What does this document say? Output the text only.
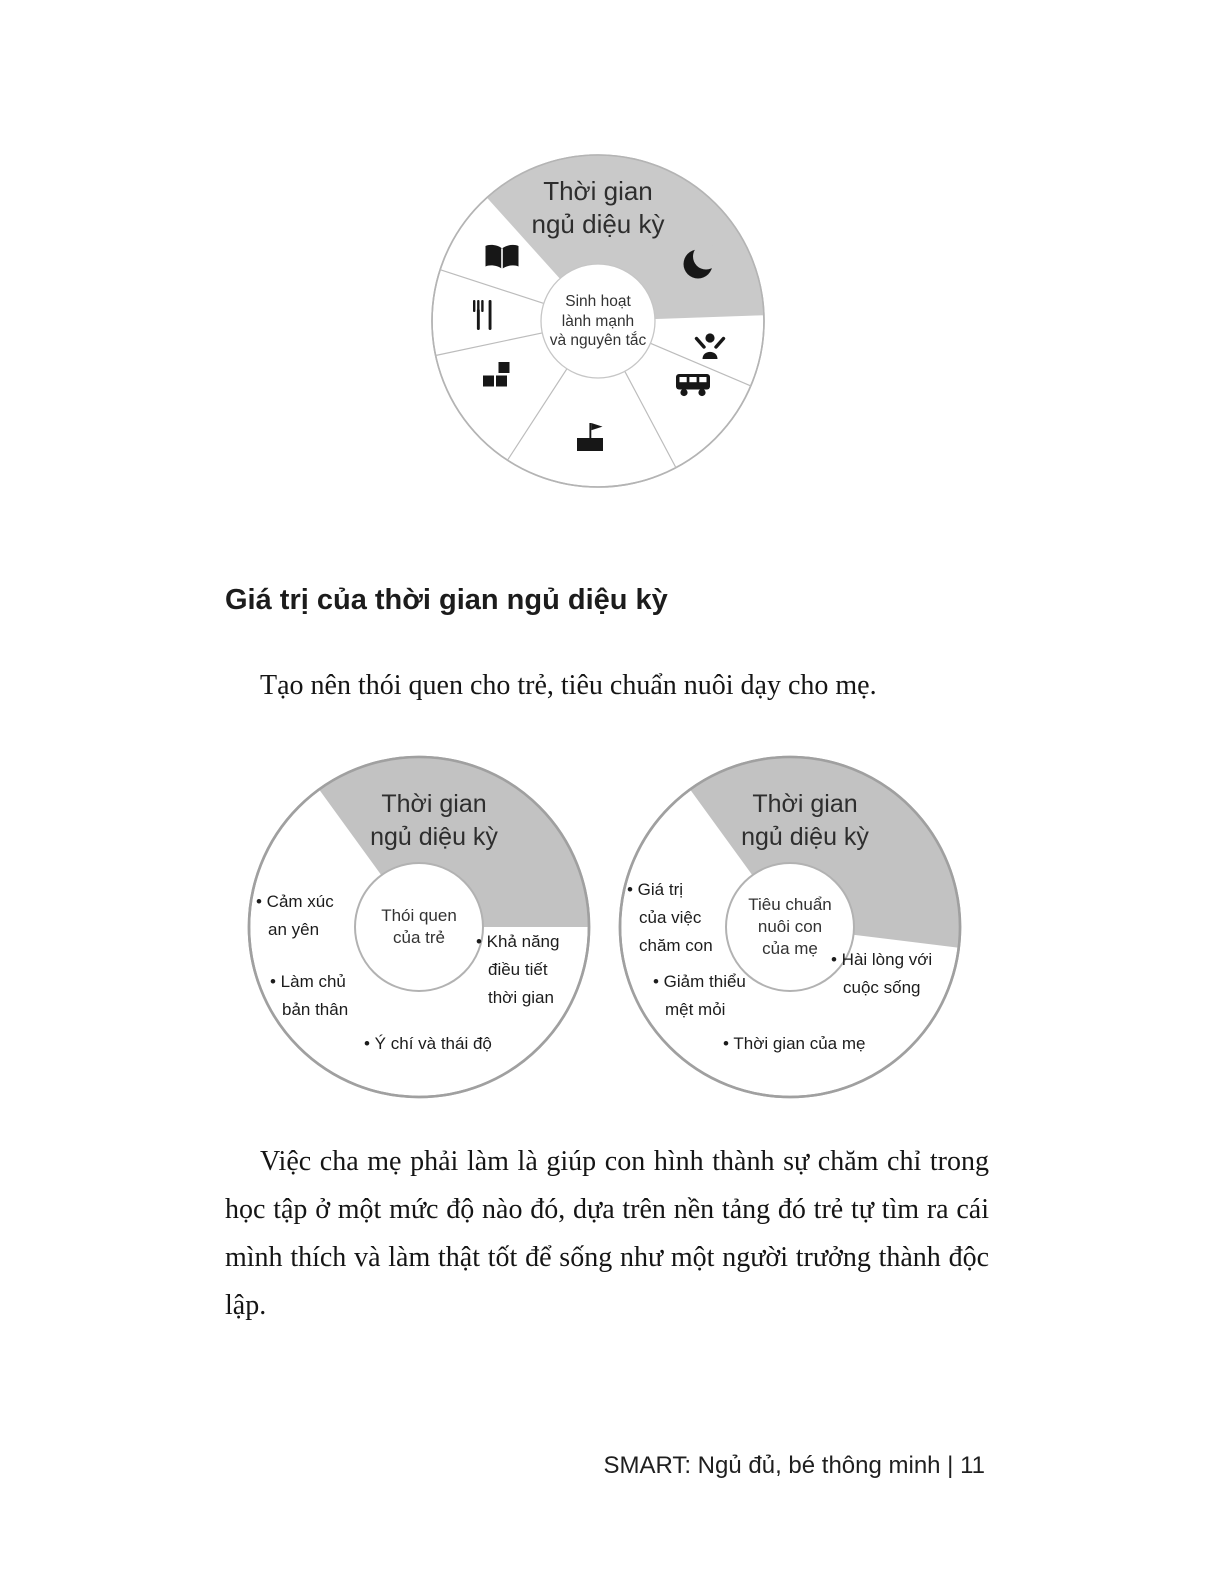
Thời gian
ngủ diệu kỳ
Sinh hoạt
lành mạnh
và nguyên tắc
Giá trị của thời gian ngủ diệu kỳ
Tạo nên thói quen cho trẻ, tiêu chuẩn nuôi dạy cho mẹ.
Thời gian
ngủ diệu kỳ
Thói quen
của trẻ
• Cảm xúc
an yên
• Làm chủ
bản thân
• Khả năng
điều tiết
thời gian
• Ý chí và thái độ
Thời gian
ngủ diệu kỳ
Tiêu chuẩn
nuôi con
của mẹ
• Giá trị
của việc
chăm con
• Giảm thiểu
mệt mỏi
• Hài lòng với
cuộc sống
• Thời gian của mẹ
Việc cha mẹ phải làm là giúp con hình thành sự chăm chỉ trong học tập ở một mức độ nào đó, dựa trên nền tảng đó trẻ tự tìm ra cái mình thích và làm thật tốt để sống như một người trưởng thành độc lập.
SMART: Ngủ đủ, bé thông minh | 11
